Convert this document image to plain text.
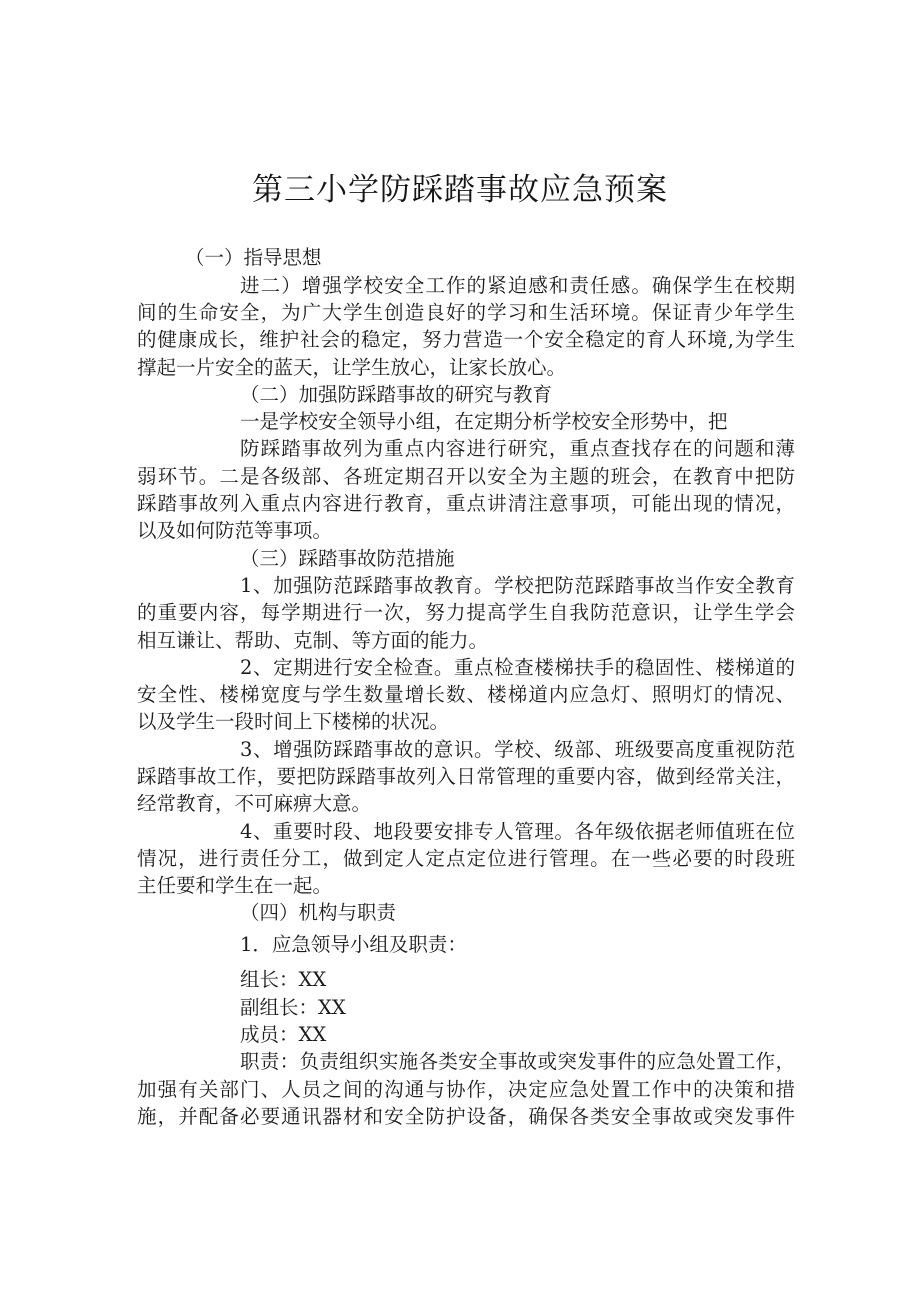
第三小学防踩踏事故应急预案
（一）指导思想
进二）增强学校安全工作的紧迫感和责任感。确保学生在校期
间的生命安全，为广大学生创造良好的学习和生活环境。保证青少年学生
的健康成长，维护社会的稳定，努力营造一个安全稳定的育人环境,为学生
撑起一片安全的蓝天，让学生放心，让家长放心。
（二）加强防踩踏事故的研究与教育
一是学校安全领导小组，在定期分析学校安全形势中，把
防踩踏事故列为重点内容进行研究，重点查找存在的问题和薄
弱环节。二是各级部、各班定期召开以安全为主题的班会，在教育中把防
踩踏事故列入重点内容进行教育，重点讲清注意事项，可能出现的情况，
以及如何防范等事项。
（三）踩踏事故防范措施
1、加强防范踩踏事故教育。学校把防范踩踏事故当作安全教育
的重要内容，每学期进行一次，努力提高学生自我防范意识，让学生学会
相互谦让、帮助、克制、等方面的能力。
2、定期进行安全检查。重点检查楼梯扶手的稳固性、楼梯道的
安全性、楼梯宽度与学生数量增长数、楼梯道内应急灯、照明灯的情况、
以及学生一段时间上下楼梯的状况。
3、增强防踩踏事故的意识。学校、级部、班级要高度重视防范
踩踏事故工作，要把防踩踏事故列入日常管理的重要内容，做到经常关注，
经常教育，不可麻痹大意。
4、重要时段、地段要安排专人管理。各年级依据老师值班在位
情况，进行责任分工，做到定人定点定位进行管理。在一些必要的时段班
主任要和学生在一起。
（四）机构与职责
1．应急领导小组及职责：
组长：XX
副组长：XX
成员：XX
职责：负责组织实施各类安全事故或突发事件的应急处置工作，
加强有关部门、人员之间的沟通与协作，决定应急处置工作中的决策和措
施，并配备必要通讯器材和安全防护设备，确保各类安全事故或突发事件
